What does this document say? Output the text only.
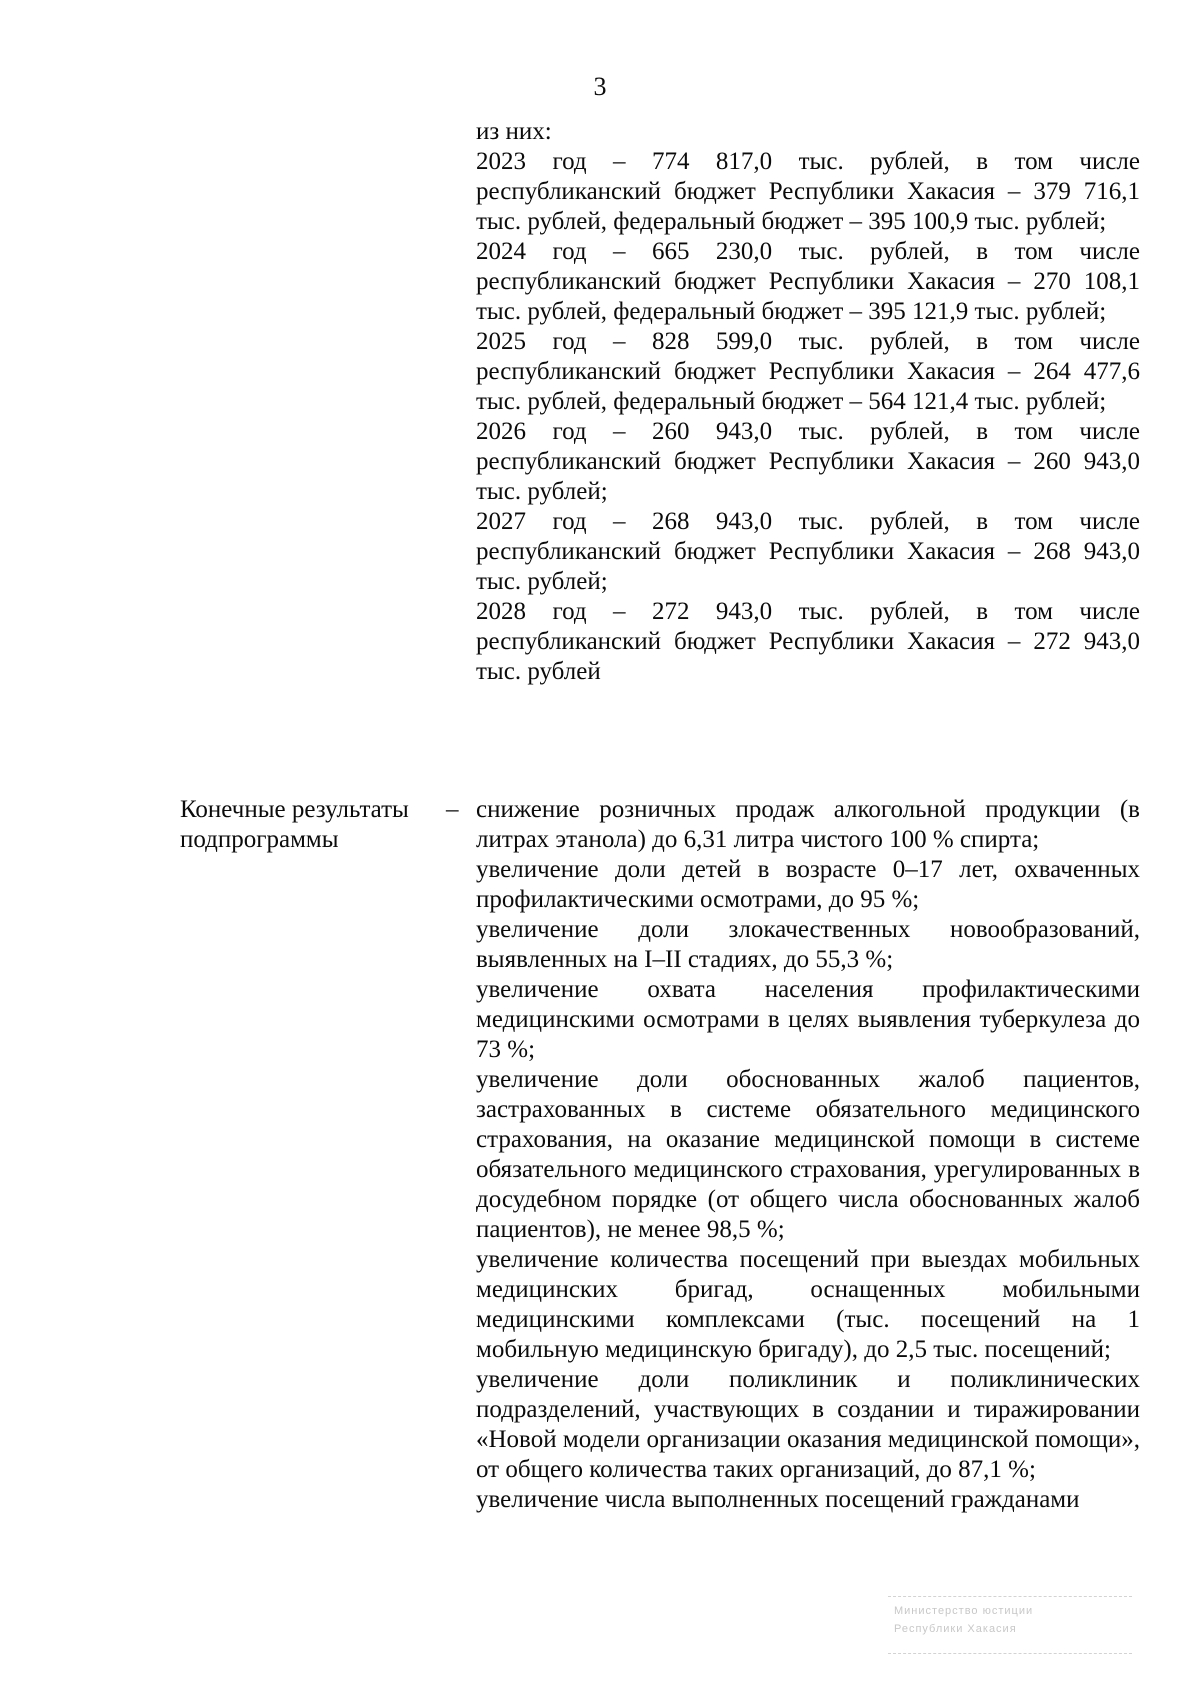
3

из них:

2023 год – 774 817,0 тыс. рублей, в том числе республиканский бюджет Республики Хакасия – 379 716,1 тыс. рублей, федеральный бюджет – 395 100,9 тыс. рублей;

2024 год – 665 230,0 тыс. рублей, в том числе республиканский бюджет Республики Хакасия – 270 108,1 тыс. рублей, федеральный бюджет – 395 121,9 тыс. рублей;

2025 год – 828 599,0 тыс. рублей, в том числе республиканский бюджет Республики Хакасия – 264 477,6 тыс. рублей, федеральный бюджет – 564 121,4 тыс. рублей;

2026 год – 260 943,0 тыс. рублей, в том числе республиканский бюджет Республики Хакасия – 260 943,0 тыс. рублей;

2027 год – 268 943,0 тыс. рублей, в том числе республиканский бюджет Республики Хакасия – 268 943,0 тыс. рублей;

2028 год – 272 943,0 тыс. рублей, в том числе республиканский бюджет Республики Хакасия – 272 943,0 тыс. рублей

Конечные результаты подпрограммы
– снижение розничных продаж алкогольной продукции (в литрах этанола) до 6,31 литра чистого 100 % спирта;

увеличение доли детей в возрасте 0–17 лет, охваченных профилактическими осмотрами, до 95 %;

увеличение доли злокачественных новообразований, выявленных на I–II стадиях, до 55,3 %;

увеличение охвата населения профилактическими медицинскими осмотрами в целях выявления туберкулеза до 73 %;

увеличение доли обоснованных жалоб пациентов, застрахованных в системе обязательного медицинского страхования, на оказание медицинской помощи в системе обязательного медицинского страхования, урегулированных в досудебном порядке (от общего числа обоснованных жалоб пациентов), не менее 98,5 %;

увеличение количества посещений при выездах мобильных медицинских бригад, оснащенных мобильными медицинскими комплексами (тыс. посещений на 1 мобильную медицинскую бригаду), до 2,5 тыс. посещений;

увеличение доли поликлиник и поликлинических подразделений, участвующих в создании и тиражировании «Новой модели организации оказания медицинской помощи», от общего количества таких организаций, до 87,1 %;

увеличение числа выполненных посещений гражданами

Министерство юстиции
Республики Хакасия
